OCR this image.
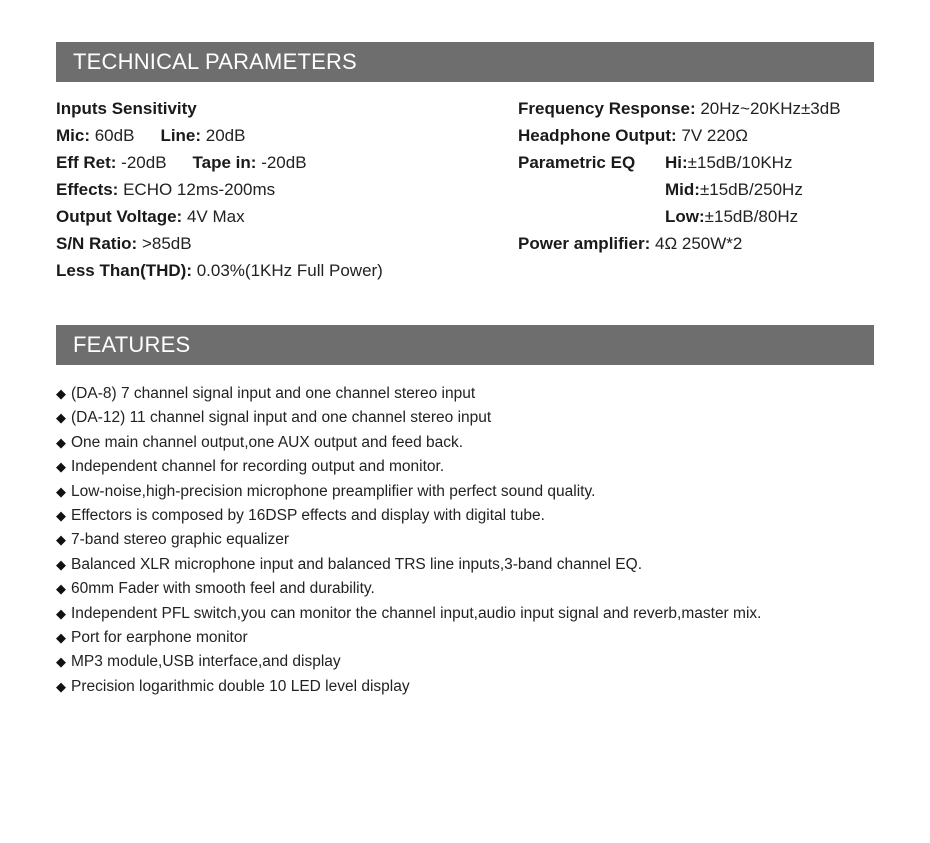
TECHNICAL PARAMETERS
Inputs Sensitivity
Mic: 60dB Line: 20dB
Eff Ret: -20dB Tape in: -20dB
Effects: ECHO 12ms-200ms
Output Voltage: 4V Max
S/N Ratio: >85dB
Less Than(THD): 0.03%(1KHz Full Power)
Frequency Response: 20Hz~20KHz±3dB
Headphone Output: 7V 220Ω
Parametric EQ Hi:±15dB/10KHz
Mid:±15dB/250Hz
Low:±15dB/80Hz
Power amplifier: 4Ω 250W*2
FEATURES
◆ (DA-8) 7 channel signal input and one channel stereo input
◆ (DA-12) 11 channel signal input and one channel stereo input
◆ One main channel output,one AUX output and feed back.
◆ Independent channel for recording output and monitor.
◆ Low-noise,high-precision microphone preamplifier with perfect sound quality.
◆ Effectors is composed by 16DSP effects and display with digital tube.
◆ 7-band stereo graphic equalizer
◆ Balanced XLR microphone input and balanced TRS line inputs,3-band channel EQ.
◆ 60mm Fader with smooth feel and durability.
◆ Independent PFL switch,you can monitor the channel input,audio input signal and reverb,master mix.
◆ Port for earphone monitor
◆ MP3 module,USB interface,and display
◆ Precision logarithmic double 10 LED level display
